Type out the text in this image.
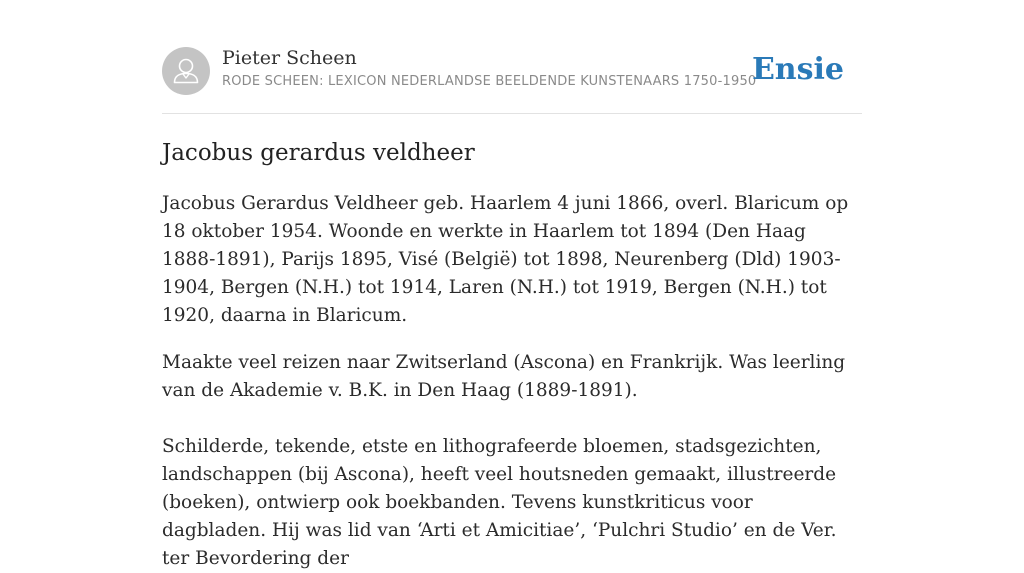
Pieter Scheen
RODE SCHEEN: LEXICON NEDERLANDSE BEELDENDE KUNSTENAARS 1750-1950
Ensie
Jacobus gerardus veldheer

Jacobus Gerardus Veldheer geb. Haarlem 4 juni 1866, overl. Blaricum op 18 oktober 1954. Woonde en werkte in Haarlem tot 1894 (Den Haag 1888-1891), Parijs 1895, Visé (België) tot 1898, Neurenberg (Dld) 1903-1904, Bergen (N.H.) tot 1914, Laren (N.H.) tot 1919, Bergen (N.H.) tot 1920, daarna in Blaricum.

Maakte veel reizen naar Zwitserland (Ascona) en Frankrijk. Was leerling van de Akademie v. B.K. in Den Haag (1889-1891).

Schilderde, tekende, etste en lithografeerde bloemen, stadsgezichten, landschappen (bij Ascona), heeft veel houtsneden gemaakt, illustreerde (boeken), ontwierp ook boekbanden. Tevens kunstkriticus voor dagbladen. Hij was lid van ‘Arti et Amicitiae’, ‘Pulchri Studio’ en de Ver. ter Bevordering der
